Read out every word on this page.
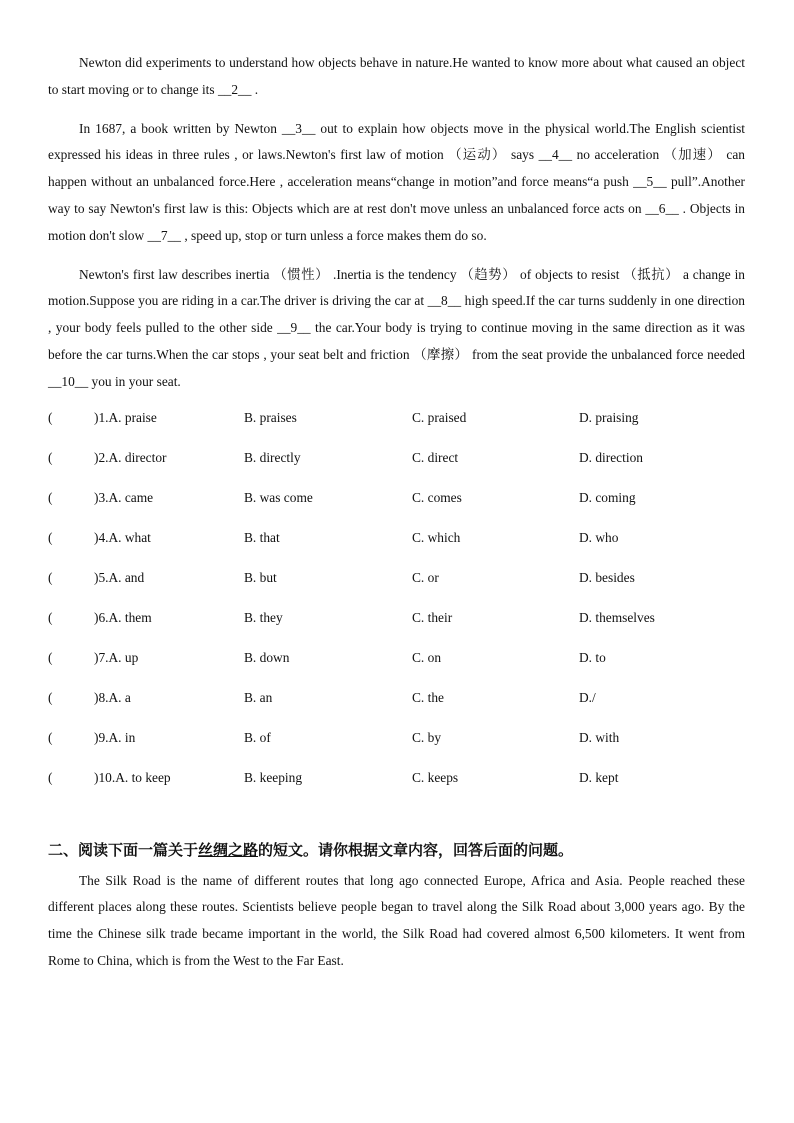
Newton did experiments to understand how objects behave in nature.He wanted to know more about what caused an object to start moving or to change its __2__ .

In 1687, a book written by Newton __3__ out to explain how objects move in the physical world.The English scientist expressed his ideas in three rules , or laws.Newton's first law of motion （运动） says __4__ no acceleration （加速） can happen without an unbalanced force.Here , acceleration means“change in motion”and force means“a push __5__ pull”.Another way to say Newton's first law is this: Objects which are at rest don't move unless an unbalanced force acts on __6__ . Objects in motion don't slow __7__ , speed up, stop or turn unless a force makes them do so.

Newton's first law describes inertia （惯性） .Inertia is the tendency （趋势） of objects to resist （抵抗） a change in motion.Suppose you are riding in a car.The driver is driving the car at __8__ high speed.If the car turns suddenly in one direction , your body feels pulled to the other side __9__ the car.Your body is trying to continue moving in the same direction as it was before the car turns.When the car stops , your seat belt and friction （摩擦） from the seat provide the unbalanced force needed __10__ you in your seat.

(	)1.A. praise	B. praises	C. praised	D. praising
(	)2.A. director	B. directly	C. direct	D. direction
(	)3.A. came	B. was come	C. comes	D. coming
(	)4.A. what	B. that	C. which	D. who
(	)5.A. and	B. but	C. or	D. besides
(	)6.A. them	B. they	C. their	D. themselves
(	)7.A. up	B. down	C. on	D. to
(	)8.A. a	B. an	C. the	D./
(	)9.A. in	B. of	C. by	D. with
(	)10.A. to keep	B. keeping	C. keeps	D. kept
二、阅读下面一篇关于丝绸之路的短文。请你根据文章内容，回答后面的问题。

The Silk Road is the name of different routes that long ago connected Europe, Africa and Asia. People reached these different places along these routes. Scientists believe people began to travel along the Silk Road about 3,000 years ago. By the time the Chinese silk trade became important in the world, the Silk Road had covered almost 6,500 kilometers. It went from Rome to China, which is from the West to the Far East.
